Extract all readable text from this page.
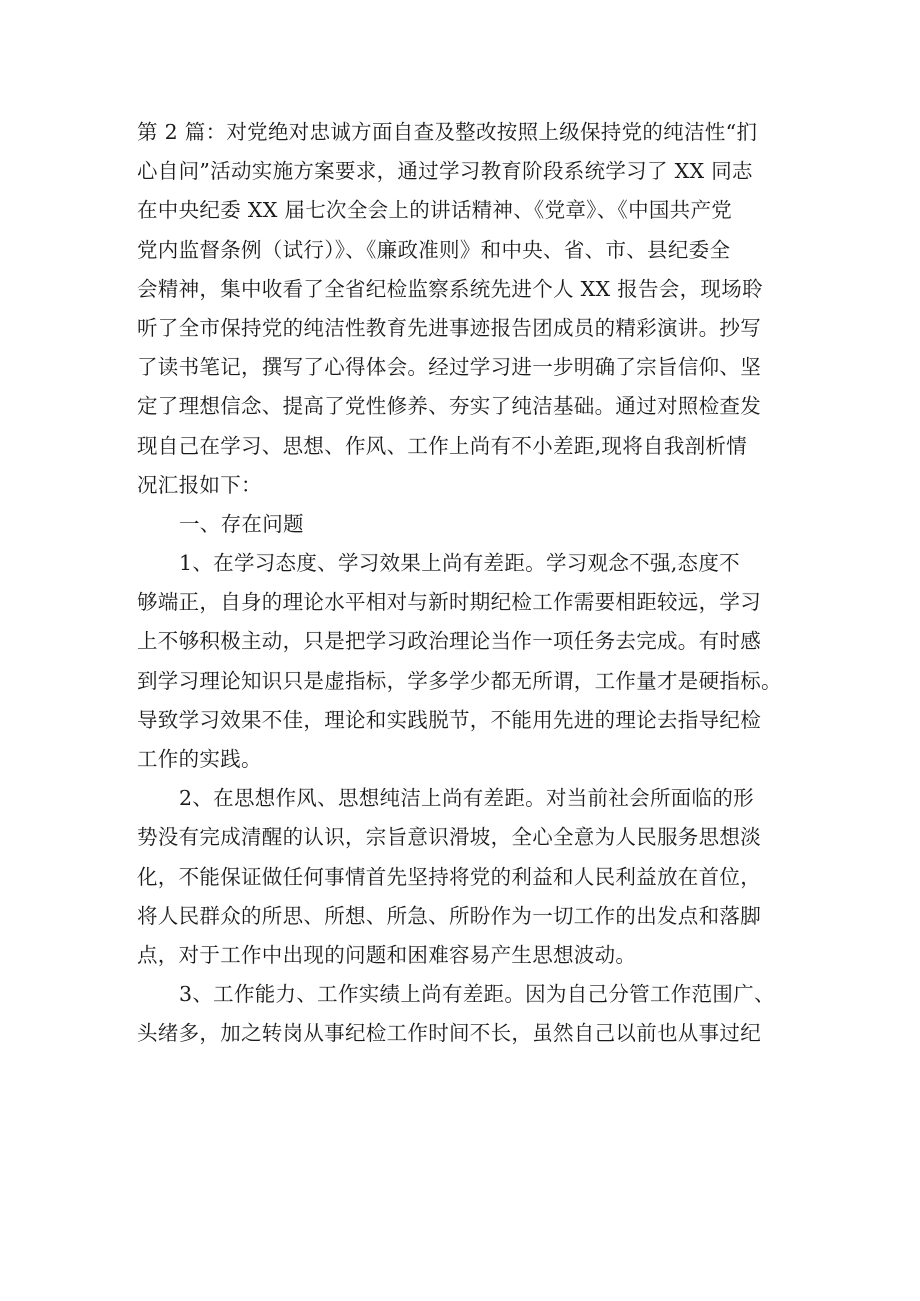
第 2 篇：对党绝对忠诚方面自查及整改按照上级保持党的纯洁性“扪
心自问”活动实施方案要求，通过学习教育阶段系统学习了 XX 同志
在中央纪委 XX 届七次全会上的讲话精神、《党章》、《中国共产党
党内监督条例（试行）》、《廉政准则》和中央、省、市、县纪委全
会精神，集中收看了全省纪检监察系统先进个人 XX 报告会，现场聆
听了全市保持党的纯洁性教育先进事迹报告团成员的精彩演讲。抄写
了读书笔记，撰写了心得体会。经过学习进一步明确了宗旨信仰、坚
定了理想信念、提高了党性修养、夯实了纯洁基础。通过对照检查发
现自己在学习、思想、作风、工作上尚有不小差距,现将自我剖析情
况汇报如下：
一、存在问题
1、在学习态度、学习效果上尚有差距。学习观念不强,态度不
够端正，自身的理论水平相对与新时期纪检工作需要相距较远，学习
上不够积极主动，只是把学习政治理论当作一项任务去完成。有时感
到学习理论知识只是虚指标，学多学少都无所谓，工作量才是硬指标。
导致学习效果不佳，理论和实践脱节，不能用先进的理论去指导纪检
工作的实践。
2、在思想作风、思想纯洁上尚有差距。对当前社会所面临的形
势没有完成清醒的认识，宗旨意识滑坡，全心全意为人民服务思想淡
化，不能保证做任何事情首先坚持将党的利益和人民利益放在首位，
将人民群众的所思、所想、所急、所盼作为一切工作的出发点和落脚
点，对于工作中出现的问题和困难容易产生思想波动。
3、工作能力、工作实绩上尚有差距。因为自己分管工作范围广、
头绪多，加之转岗从事纪检工作时间不长，虽然自己以前也从事过纪
